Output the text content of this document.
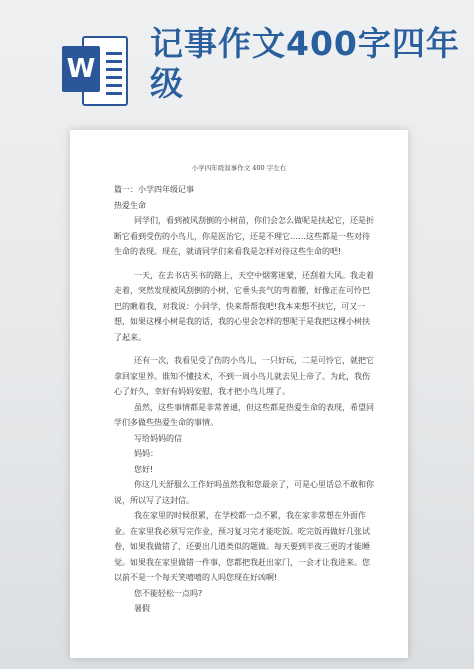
W
记事作文400字四年级
小学四年级叙事作文 400 字左右

篇一：小学四年级记事

热爱生命

同学们，看到被风刮倒的小树苗，你们会怎么做呢是扶起它，还是折断它看到受伤的小鸟儿，你是医治它，还是不理它……这些都是一些对待生命的表现。现在，就请同学们来看我是怎样对待这些生命的吧!

一天，在去书店买书的路上，天空中烟雾迷蒙，还刮着大风。我走着走着，突然发现被风刮倒的小树，它垂头丧气的弯着腰，好像正在可怜巴巴的瞅着我，对我说：小同学，快来帮帮我吧!我本来想不扶它，可又一想，如果这棵小树是我的话，我的心里会怎样的想呢于是我把这棵小树扶了起来。

还有一次，我看见受了伤的小鸟儿，一只好玩，二是可怜它，就把它拿回家里养。谁知不懂技术，不到一周小鸟儿就去见上帝了。为此，我伤心了好久，幸好有妈妈安慰，我才把小鸟儿埋了。

虽然，这些事情都是非常普通，但这些都是热爱生命的表现，希望同学们多做些热爱生命的事情。

写给妈妈的信

妈妈：

您好!

你这几天舒服么工作好吗虽然我和您最亲了，可是心里话总不敢和你说，所以写了这封信。

我在家里的时候很累，在学校都一点不累，我在家非常想在外面作业。在家里我必须写完作业，预习复习完才能吃饭。吃完饭再做好几张试卷，如果我做错了，还要出几道类似的题做。每天要到半夜三更的才能睡觉。如果我在家里做错一件事，您都把我赶出家门，一会才让我进来。您以前不是一个每天笑嘻嘻的人吗您现在好凶啊!

您不能轻松一点吗?

暑假
